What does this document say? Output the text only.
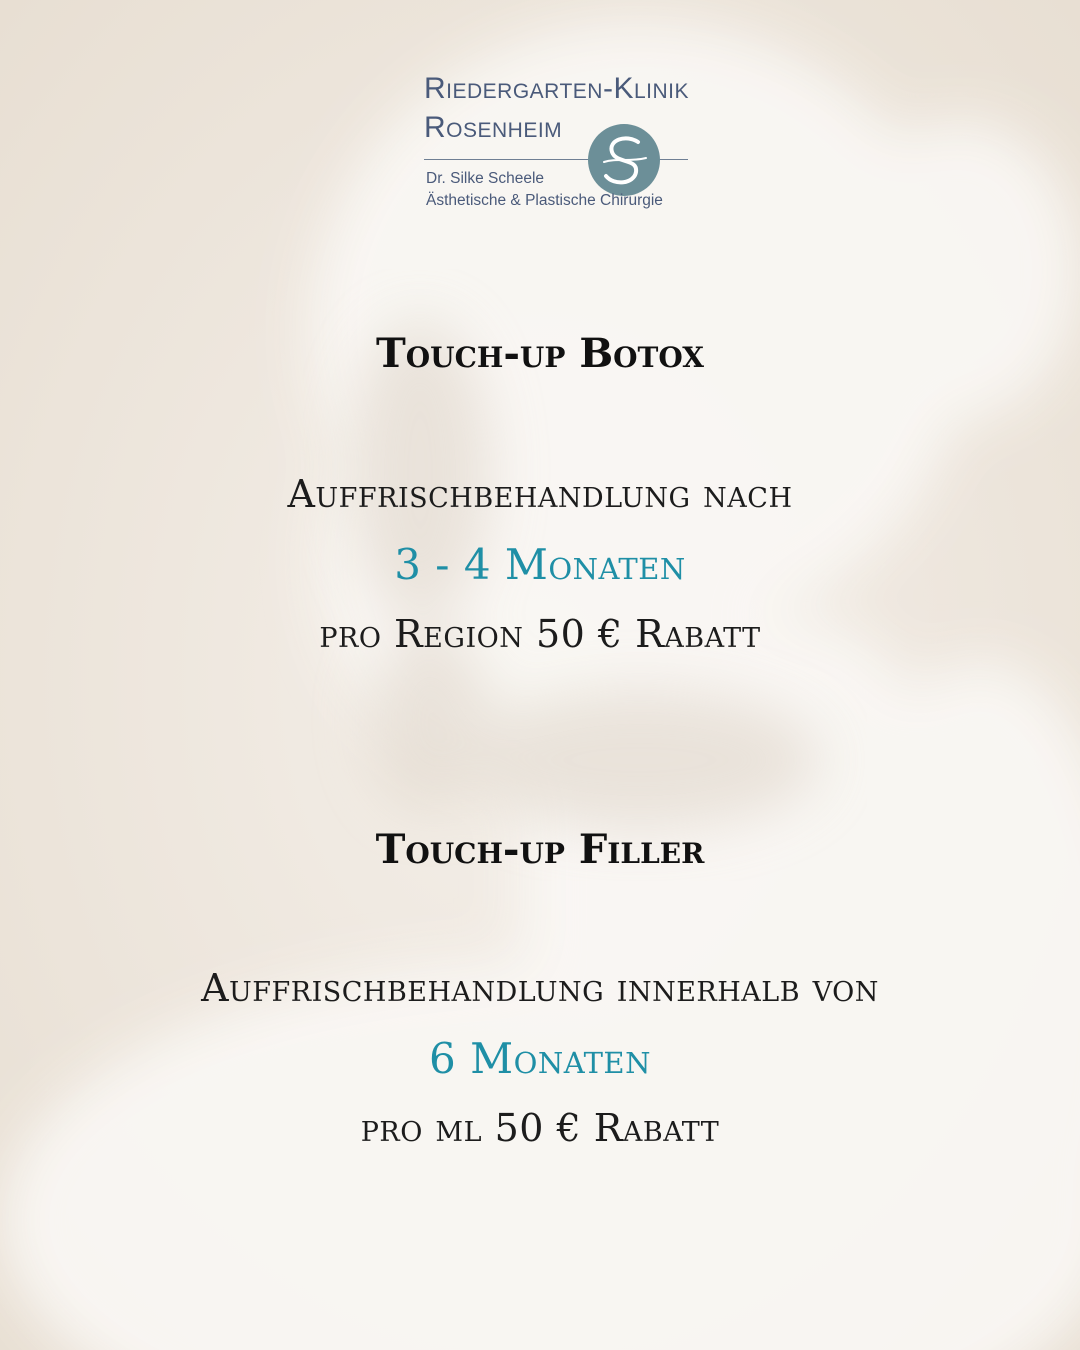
Riedergarten-Klinik
Rosenheim
Dr. Silke Scheele
Ästhetische & Plastische Chirurgie
Touch-up Botox
Auffrischbehandlung nach
3 - 4 Monaten
pro Region 50 € Rabatt
Touch-up Filler
Auffrischbehandlung innerhalb von
6 Monaten
pro ml 50 € Rabatt
